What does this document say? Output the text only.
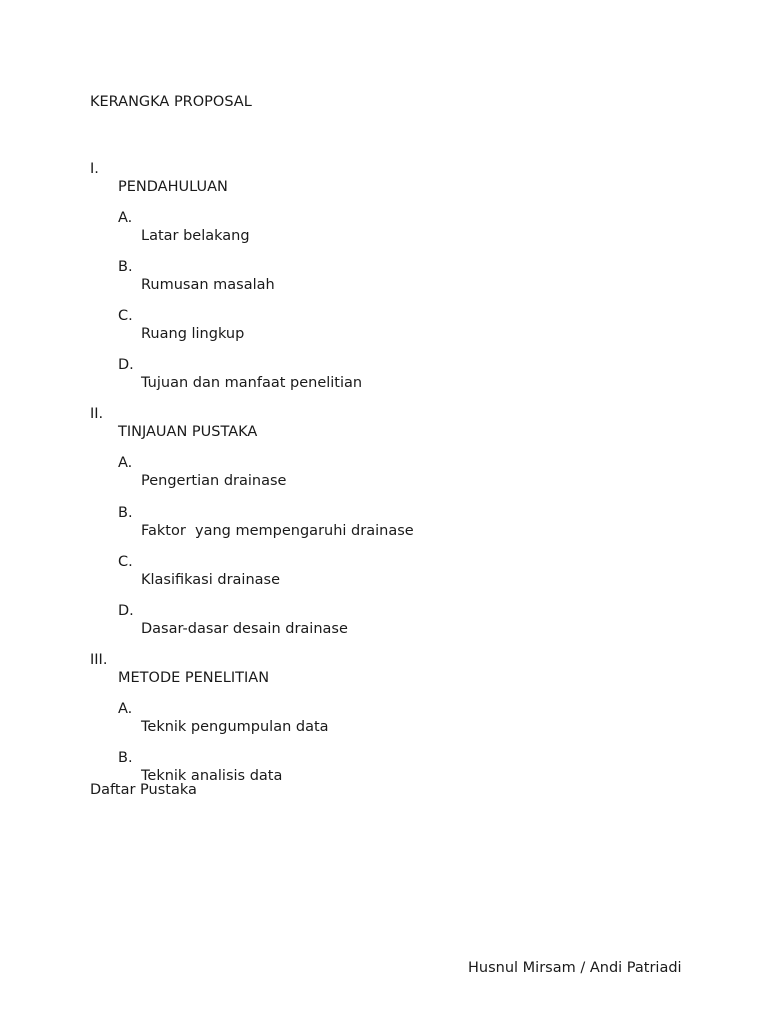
KERANGKA PROPOSAL

I.

PENDAHULUAN

A.

Latar belakang

B.

Rumusan masalah

C.

Ruang lingkup

D.

Tujuan dan manfaat penelitian

II.

TINJAUAN PUSTAKA

A.

Pengertian drainase

B.

Faktor  yang mempengaruhi drainase

C.

Klasifikasi drainase

D.

Dasar-dasar desain drainase

III.

METODE PENELITIAN

A.

Teknik pengumpulan data

B.

Teknik analisis data

Daftar Pustaka
Husnul Mirsam / Andi Patriadi
